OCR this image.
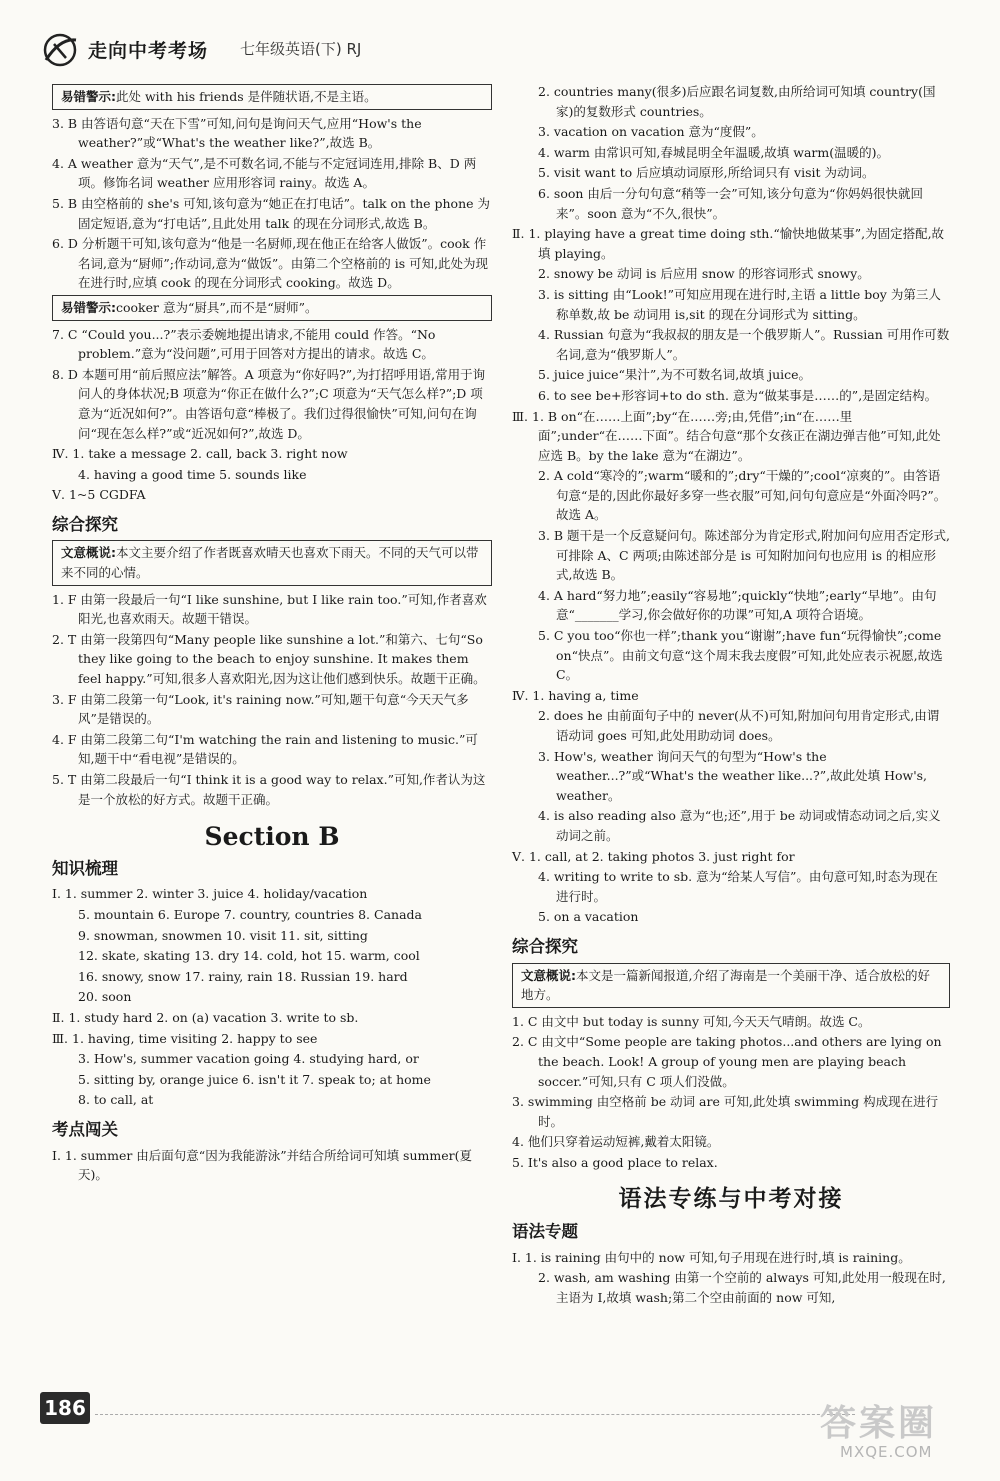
走向中考考场 七年级英语(下) RJ
易错警示:此处 with his friends 是伴随状语,不是主语。
3. B 由答语句意“天在下雪”可知,问句是询问天气,应用“How's the weather?”或“What's the weather like?”,故选 B。
4. A weather 意为“天气”,是不可数名词,不能与不定冠词连用,排除 B、D 两项。修饰名词 weather 应用形容词 rainy。故选 A。
5. B 由空格前的 she's 可知,该句意为“她正在打电话”。talk on the phone 为固定短语,意为“打电话”,且此处用 talk 的现在分词形式,故选 B。
6. D 分析题干可知,该句意为“他是一名厨师,现在他正在给客人做饭”。cook 作名词,意为“厨师”;作动词,意为“做饭”。由第二个空格前的 is 可知,此处为现在进行时,应填 cook 的现在分词形式 cooking。故选 D。
易错警示:cooker 意为“厨具”,而不是“厨师”。
7. C “Could you...?”表示委婉地提出请求,不能用 could 作答。“No problem.”意为“没问题”,可用于回答对方提出的请求。故选 C。
8. D 本题可用“前后照应法”解答。A 项意为“你好吗?”,为打招呼用语,常用于询问人的身体状况;B 项意为“你正在做什么?”;C 项意为“天气怎么样?”;D 项意为“近况如何?”。由答语句意“棒极了。我们过得很愉快”可知,问句在询问“现在怎么样?”或“近况如何?”,故选 D。
Ⅳ. 1. take a message 2. call, back 3. right now
4. having a good time 5. sounds like
Ⅴ. 1~5 CGDFA
综合探究
文意概说:本文主要介绍了作者既喜欢晴天也喜欢下雨天。不同的天气可以带来不同的心情。
1. F 由第一段最后一句“I like sunshine, but I like rain too.”可知,作者喜欢阳光,也喜欢雨天。故题干错误。
2. T 由第一段第四句“Many people like sunshine a lot.”和第六、七句“So they like going to the beach to enjoy sunshine. It makes them feel happy.”可知,很多人喜欢阳光,因为这让他们感到快乐。故题干正确。
3. F 由第二段第一句“Look, it's raining now.”可知,题干句意“今天天气多风”是错误的。
4. F 由第二段第二句“I'm watching the rain and listening to music.”可知,题干中“看电视”是错误的。
5. T 由第二段最后一句“I think it is a good way to relax.”可知,作者认为这是一个放松的好方式。故题干正确。
Section B
知识梳理
Ⅰ. 1. summer 2. winter 3. juice 4. holiday/vacation
5. mountain 6. Europe 7. country, countries 8. Canada
9. snowman, snowmen 10. visit 11. sit, sitting
12. skate, skating 13. dry 14. cold, hot 15. warm, cool
16. snowy, snow 17. rainy, rain 18. Russian 19. hard
20. soon
Ⅱ. 1. study hard 2. on (a) vacation 3. write to sb.
Ⅲ. 1. having, time visiting 2. happy to see
3. How's, summer vacation going 4. studying hard, or
5. sitting by, orange juice 6. isn't it 7. speak to; at home
8. to call, at
考点闯关
Ⅰ. 1. summer 由后面句意“因为我能游泳”并结合所给词可知填 summer(夏天)。
2. countries many(很多)后应跟名词复数,由所给词可知填 country(国家)的复数形式 countries。
3. vacation on vacation 意为“度假”。
4. warm 由常识可知,春城昆明全年温暖,故填 warm(温暖的)。
5. visit want to 后应填动词原形,所给词只有 visit 为动词。
6. soon 由后一分句句意“稍等一会”可知,该分句意为“你妈妈很快就回来”。soon 意为“不久,很快”。
Ⅱ. 1. playing have a great time doing sth.“愉快地做某事”,为固定搭配,故填 playing。
2. snowy be 动词 is 后应用 snow 的形容词形式 snowy。
3. is sitting 由“Look!”可知应用现在进行时,主语 a little boy 为第三人称单数,故 be 动词用 is,sit 的现在分词形式为 sitting。
4. Russian 句意为“我叔叔的朋友是一个俄罗斯人”。Russian 可用作可数名词,意为“俄罗斯人”。
5. juice juice“果汁”,为不可数名词,故填 juice。
6. to see be+形容词+to do sth. 意为“做某事是……的”,是固定结构。
Ⅲ. 1. B on“在……上面”;by“在……旁;由,凭借”;in“在……里面”;under“在……下面”。结合句意“那个女孩正在湖边弹吉他”可知,此处应选 B。by the lake 意为“在湖边”。
2. A cold“寒冷的”;warm“暖和的”;dry“干燥的”;cool“凉爽的”。由答语句意“是的,因此你最好多穿一些衣服”可知,问句句意应是“外面冷吗?”。故选 A。
3. B 题干是一个反意疑问句。陈述部分为肯定形式,附加问句应用否定形式,可排除 A、C 两项;由陈述部分是 is 可知附加问句也应用 is 的相应形式,故选 B。
4. A hard“努力地”;easily“容易地”;quickly“快地”;early“早地”。由句意“_______学习,你会做好你的功课”可知,A 项符合语境。
5. C you too“你也一样”;thank you“谢谢”;have fun“玩得愉快”;come on“快点”。由前文句意“这个周末我去度假”可知,此处应表示祝愿,故选 C。
Ⅳ. 1. having a, time
2. does he 由前面句子中的 never(从不)可知,附加问句用肯定形式,由谓语动词 goes 可知,此处用助动词 does。
3. How's, weather 询问天气的句型为“How's the weather...?”或“What's the weather like...?”,故此处填 How's, weather。
4. is also reading also 意为“也;还”,用于 be 动词或情态动词之后,实义动词之前。
Ⅴ. 1. call, at 2. taking photos 3. just right for
4. writing to write to sb. 意为“给某人写信”。由句意可知,时态为现在进行时。
5. on a vacation
综合探究
文意概说:本文是一篇新闻报道,介绍了海南是一个美丽干净、适合放松的好地方。
1. C 由文中 but today is sunny 可知,今天天气晴朗。故选 C。
2. C 由文中“Some people are taking photos...and others are lying on the beach. Look! A group of young men are playing beach soccer.”可知,只有 C 项人们没做。
3. swimming 由空格前 be 动词 are 可知,此处填 swimming 构成现在进行时。
4. 他们只穿着运动短裤,戴着太阳镜。
5. It's also a good place to relax.
语法专练与中考对接
语法专题
Ⅰ. 1. is raining 由句中的 now 可知,句子用现在进行时,填 is raining。
2. wash, am washing 由第一个空前的 always 可知,此处用一般现在时,主语为 I,故填 wash;第二个空由前面的 now 可知,
186	答案圈
MXQE.COM
